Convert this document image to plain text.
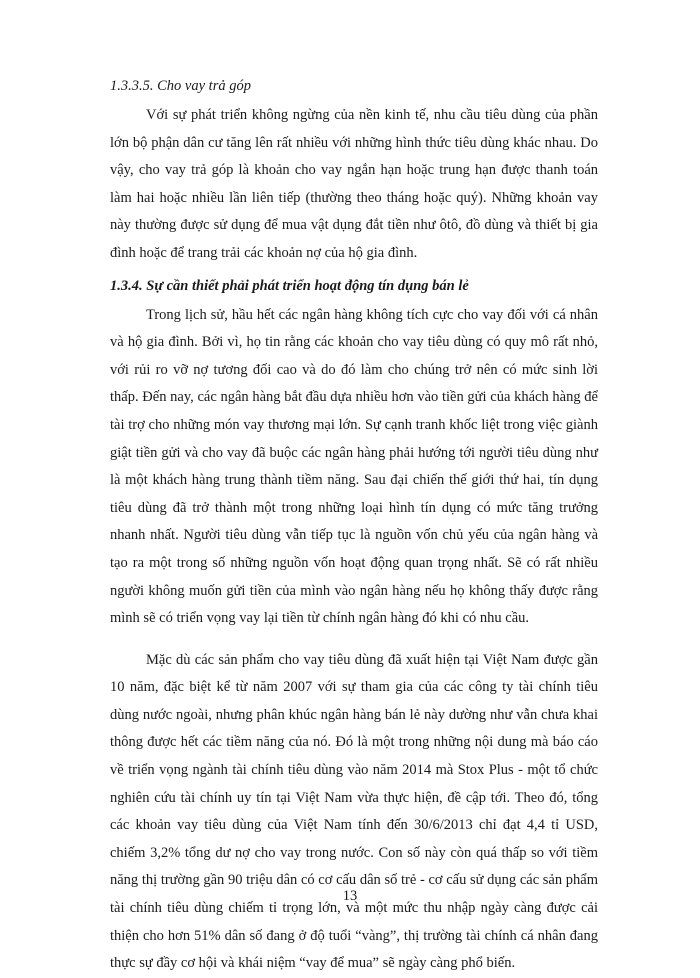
1.3.3.5. Cho vay trả góp

Với sự phát triển không ngừng của nền kinh tế, nhu cầu tiêu dùng của phần lớn bộ phận dân cư tăng lên rất nhiều với những hình thức tiêu dùng khác nhau. Do vậy, cho vay trả góp là khoản cho vay ngắn hạn hoặc trung hạn được thanh toán làm hai hoặc nhiều lần liên tiếp (thường theo tháng hoặc quý). Những khoản vay này thường được sử dụng để mua vật dụng đắt tiền như ôtô, đồ dùng và thiết bị gia đình hoặc để trang trải các khoản nợ của hộ gia đình.

1.3.4. Sự cần thiết phải phát triển hoạt động tín dụng bán lẻ

Trong lịch sử, hầu hết các ngân hàng không tích cực cho vay đối với cá nhân và hộ gia đình. Bởi vì, họ tin rằng các khoản cho vay tiêu dùng có quy mô rất nhỏ, với rủi ro vỡ nợ tương đối cao và do đó làm cho chúng trở nên có mức sinh lời thấp. Đến nay, các ngân hàng bắt đầu dựa nhiều hơn vào tiền gửi của khách hàng để tài trợ cho những món vay thương mại lớn. Sự cạnh tranh khốc liệt trong việc giành giật tiền gửi và cho vay đã buộc các ngân hàng phải hướng tới người tiêu dùng như là một khách hàng trung thành tiềm năng. Sau đại chiến thế giới thứ hai, tín dụng tiêu dùng đã trở thành một trong những loại hình tín dụng có mức tăng trưởng nhanh nhất. Người tiêu dùng vẫn tiếp tục là nguồn vốn chủ yếu của ngân hàng và tạo ra một trong số những nguồn vốn hoạt động quan trọng nhất. Sẽ có rất nhiều người không muốn gửi tiền của mình vào ngân hàng nếu họ không thấy được rằng mình sẽ có triển vọng vay lại tiền từ chính ngân hàng đó khi có nhu cầu.

Mặc dù các sản phẩm cho vay tiêu dùng đã xuất hiện tại Việt Nam được gần 10 năm, đặc biệt kể từ năm 2007 với sự tham gia của các công ty tài chính tiêu dùng nước ngoài, nhưng phân khúc ngân hàng bán lẻ này dường như vẫn chưa khai thông được hết các tiềm năng của nó. Đó là một trong những nội dung mà báo cáo về triển vọng ngành tài chính tiêu dùng vào năm 2014 mà Stox Plus - một tổ chức nghiên cứu tài chính uy tín tại Việt Nam vừa thực hiện, đề cập tới. Theo đó, tổng các khoản vay tiêu dùng của Việt Nam tính đến 30/6/2013 chỉ đạt 4,4 tỉ USD, chiếm 3,2% tổng dư nợ cho vay trong nước. Con số này còn quá thấp so với tiềm năng thị trường gần 90 triệu dân có cơ cấu dân số trẻ - cơ cấu sử dụng các sản phẩm tài chính tiêu dùng chiếm tỉ trọng lớn, và một mức thu nhập ngày càng được cải thiện cho hơn 51% dân số đang ở độ tuổi “vàng”, thị trường tài chính cá nhân đang thực sự đầy cơ hội và khái niệm “vay để mua” sẽ ngày càng phổ biến.

13
